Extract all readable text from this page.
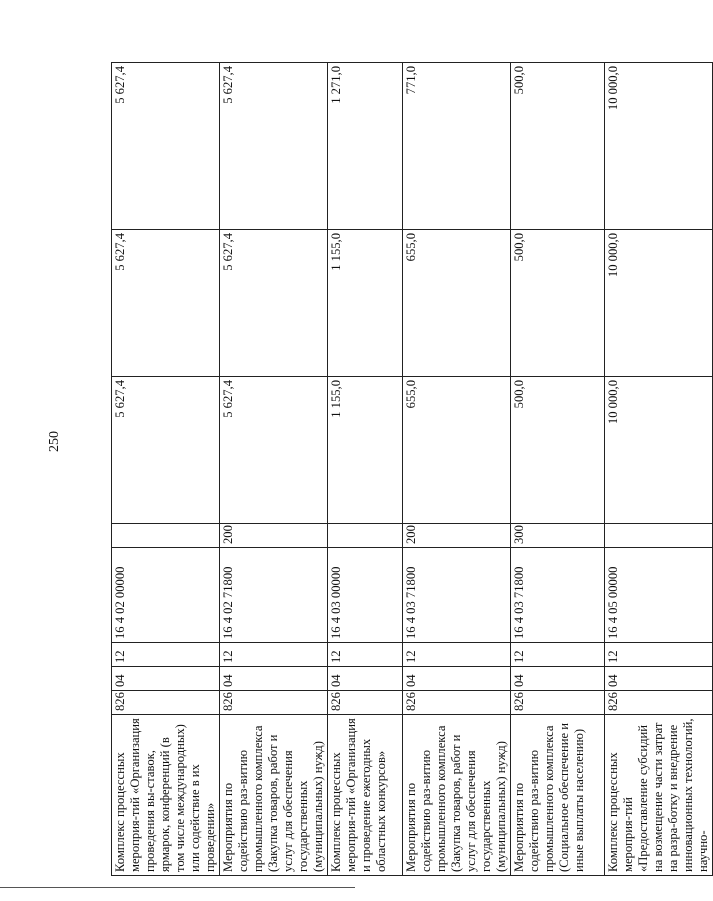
250
Комплекс процессных мероприя-тий «Организация проведения вы-ставок, ярмарок, конференций (в том числе международных) или содействие в их проведении»	826	04	12	16 4 02 00000		5 627,4	5 627,4	5 627,4
Мероприятия по содействию раз-витию промышленного комплекса (Закупка товаров, работ и услуг для обеспечения государственных (муниципальных) нужд)	826	04	12	16 4 02 71800	200	5 627,4	5 627,4	5 627,4
Комплекс процессных мероприя-тий «Организация и проведение ежегодных областных конкурсов»	826	04	12	16 4 03 00000		1 155,0	1 155,0	1 271,0
Мероприятия по содействию раз-витию промышленного комплекса (Закупка товаров, работ и услуг для обеспечения государственных (муниципальных) нужд)	826	04	12	16 4 03 71800	200	655,0	655,0	771,0
Мероприятия по содействию раз-витию промышленного комплекса (Социальное обеспечение и иные выплаты населению)	826	04	12	16 4 03 71800	300	500,0	500,0	500,0
Комплекс процессных мероприя-тий «Предоставление субсидий на возмещение части затрат на разра-ботку и внедрение инновационных технологий, научно-	826	04	12	16 4 05 00000		10 000,0	10 000,0	10 000,0
